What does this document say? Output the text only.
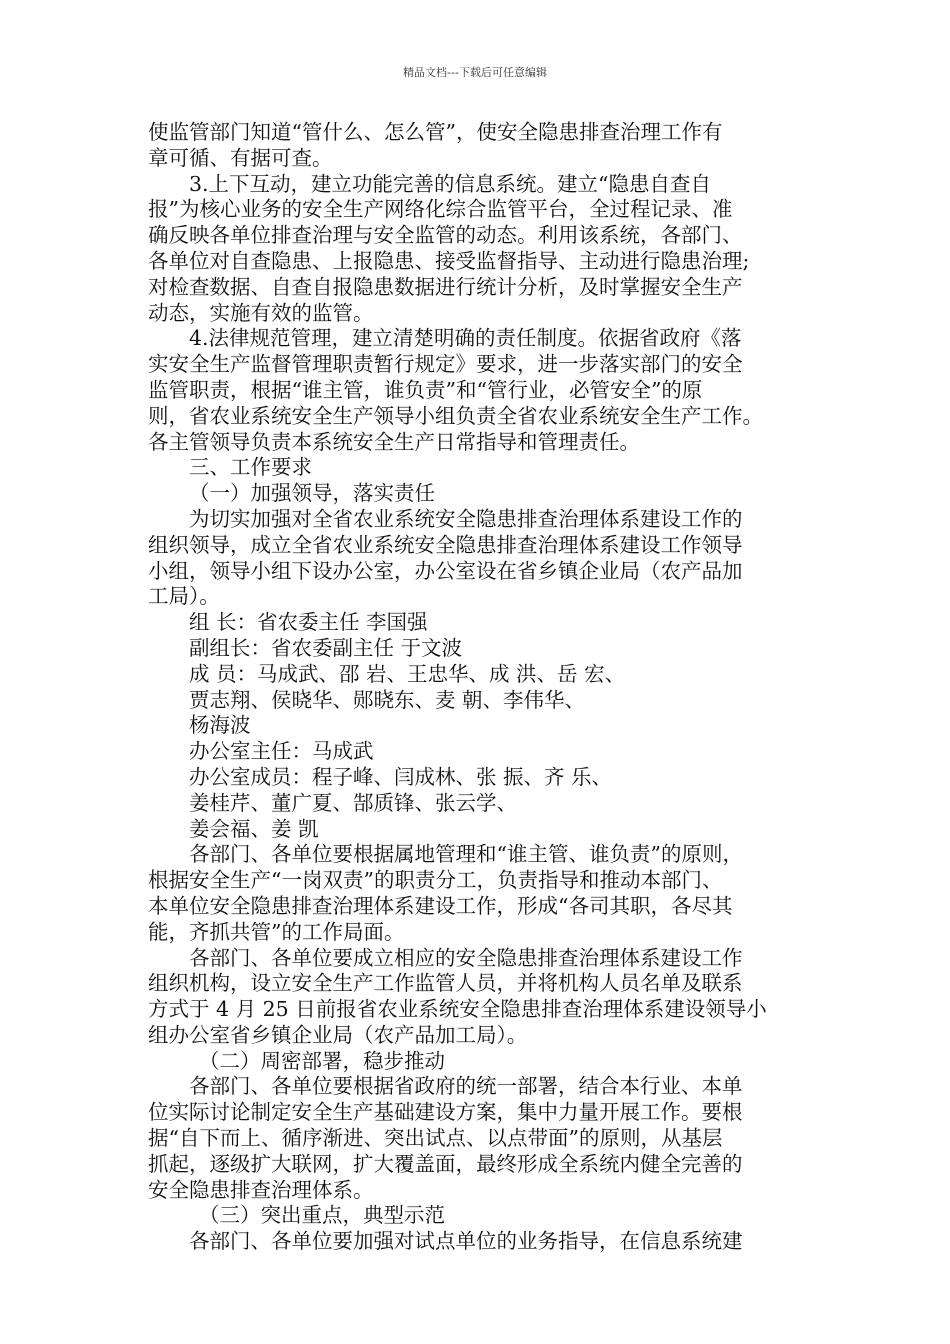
精品文档---下载后可任意编辑
使监管部门知道“管什么、怎么管”，使安全隐患排查治理工作有
章可循、有据可查。
3.上下互动，建立功能完善的信息系统。建立“隐患自查自
报”为核心业务的安全生产网络化综合监管平台，全过程记录、准
确反映各单位排查治理与安全监管的动态。利用该系统，各部门、
各单位对自查隐患、上报隐患、接受监督指导、主动进行隐患治理;
对检查数据、自查自报隐患数据进行统计分析，及时掌握安全生产
动态，实施有效的监管。
4.法律规范管理，建立清楚明确的责任制度。依据省政府《落
实安全生产监督管理职责暂行规定》要求，进一步落实部门的安全
监管职责，根据“谁主管，谁负责”和“管行业，必管安全”的原
则，省农业系统安全生产领导小组负责全省农业系统安全生产工作。
各主管领导负责本系统安全生产日常指导和管理责任。
三、工作要求
（一）加强领导，落实责任
为切实加强对全省农业系统安全隐患排查治理体系建设工作的
组织领导，成立全省农业系统安全隐患排查治理体系建设工作领导
小组，领导小组下设办公室，办公室设在省乡镇企业局（农产品加
工局）。
组 长：省农委主任 李国强
副组长：省农委副主任 于文波
成 员：马成武、邵 岩、王忠华、成 洪、岳 宏、
贾志翔、侯晓华、郧晓东、麦 朝、李伟华、
杨海波
办公室主任：马成武
办公室成员：程子峰、闫成林、张 振、齐 乐、
姜桂芹、董广夏、郜质锋、张云学、
姜会福、姜 凯
各部门、各单位要根据属地管理和“谁主管、谁负责”的原则，
根据安全生产“一岗双责”的职责分工，负责指导和推动本部门、
本单位安全隐患排查治理体系建设工作，形成“各司其职，各尽其
能，齐抓共管”的工作局面。
各部门、各单位要成立相应的安全隐患排查治理体系建设工作
组织机构，设立安全生产工作监管人员，并将机构人员名单及联系
方式于 4 月 25 日前报省农业系统安全隐患排查治理体系建设领导小
组办公室省乡镇企业局（农产品加工局）。
（二）周密部署，稳步推动
各部门、各单位要根据省政府的统一部署，结合本行业、本单
位实际讨论制定安全生产基础建设方案，集中力量开展工作。要根
据“自下而上、循序渐进、突出试点、以点带面”的原则，从基层
抓起，逐级扩大联网，扩大覆盖面，最终形成全系统内健全完善的
安全隐患排查治理体系。
（三）突出重点，典型示范
各部门、各单位要加强对试点单位的业务指导，在信息系统建
